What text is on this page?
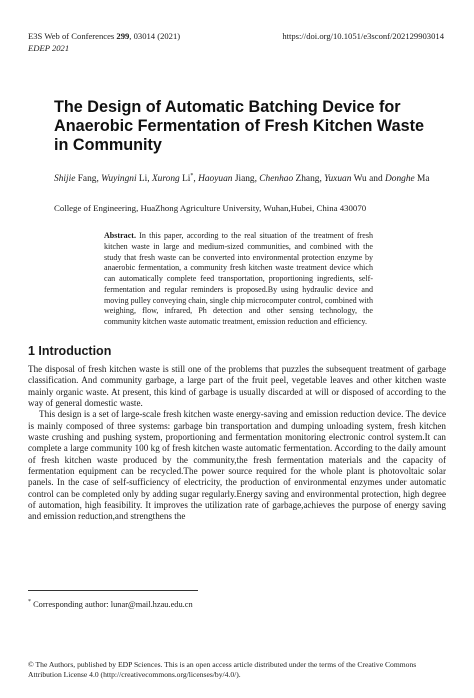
E3S Web of Conferences 299, 03014 (2021)
EDEP 2021
https://doi.org/10.1051/e3sconf/202129903014
The Design of Automatic Batching Device for Anaerobic Fermentation of Fresh Kitchen Waste in Community
Shijie Fang, Wuyingni Li, Xurong Li*, Haoyuan Jiang, Chenhao Zhang, Yuxuan Wu and Donghe Ma
College of Engineering, HuaZhong Agriculture University, Wuhan,Hubei, China 430070
Abstract. In this paper, according to the real situation of the treatment of fresh kitchen waste in large and medium-sized communities, and combined with the study that fresh waste can be converted into environmental protection enzyme by anaerobic fermentation, a community fresh kitchen waste treatment device which can automatically complete feed transportation, proportioning ingredients, self-fermentation and regular reminders is proposed.By using hydraulic device and moving pulley conveying chain, single chip microcomputer control, combined with weighing, flow, infrared, Ph detection and other sensing technology, the community kitchen waste automatic treatment, emission reduction and efficiency.
1 Introduction

The disposal of fresh kitchen waste is still one of the problems that puzzles the subsequent treatment of garbage classification. And community garbage, a large part of the fruit peel, vegetable leaves and other kitchen waste mainly organic waste. At present, this kind of garbage is usually discarded at will or disposed of according to the way of general domestic waste.

This design is a set of large-scale fresh kitchen waste energy-saving and emission reduction device. The device is mainly composed of three systems: garbage bin transportation and dumping unloading system, fresh kitchen waste crushing and pushing system, proportioning and fermentation monitoring electronic control system.It can complete a large community 100 kg of fresh kitchen waste automatic fermentation. According to the daily amount of fresh kitchen waste produced by the community,the fresh fermentation materials and the capacity of fermentation equipment can be recycled.The power source required for the whole plant is photovoltaic solar panels. In the case of self-sufficiency of electricity, the production of environmental enzymes under automatic control can be completed only by adding sugar regularly.Energy saving and environmental protection, high degree of automation, high feasibility. It improves the utilization rate of garbage,achieves the purpose of energy saving and emission reduction,and strengthens the

* Corresponding author: lunar@mail.hzau.edu.cn
© The Authors, published by EDP Sciences. This is an open access article distributed under the terms of the Creative Commons Attribution License 4.0 (http://creativecommons.org/licenses/by/4.0/).
